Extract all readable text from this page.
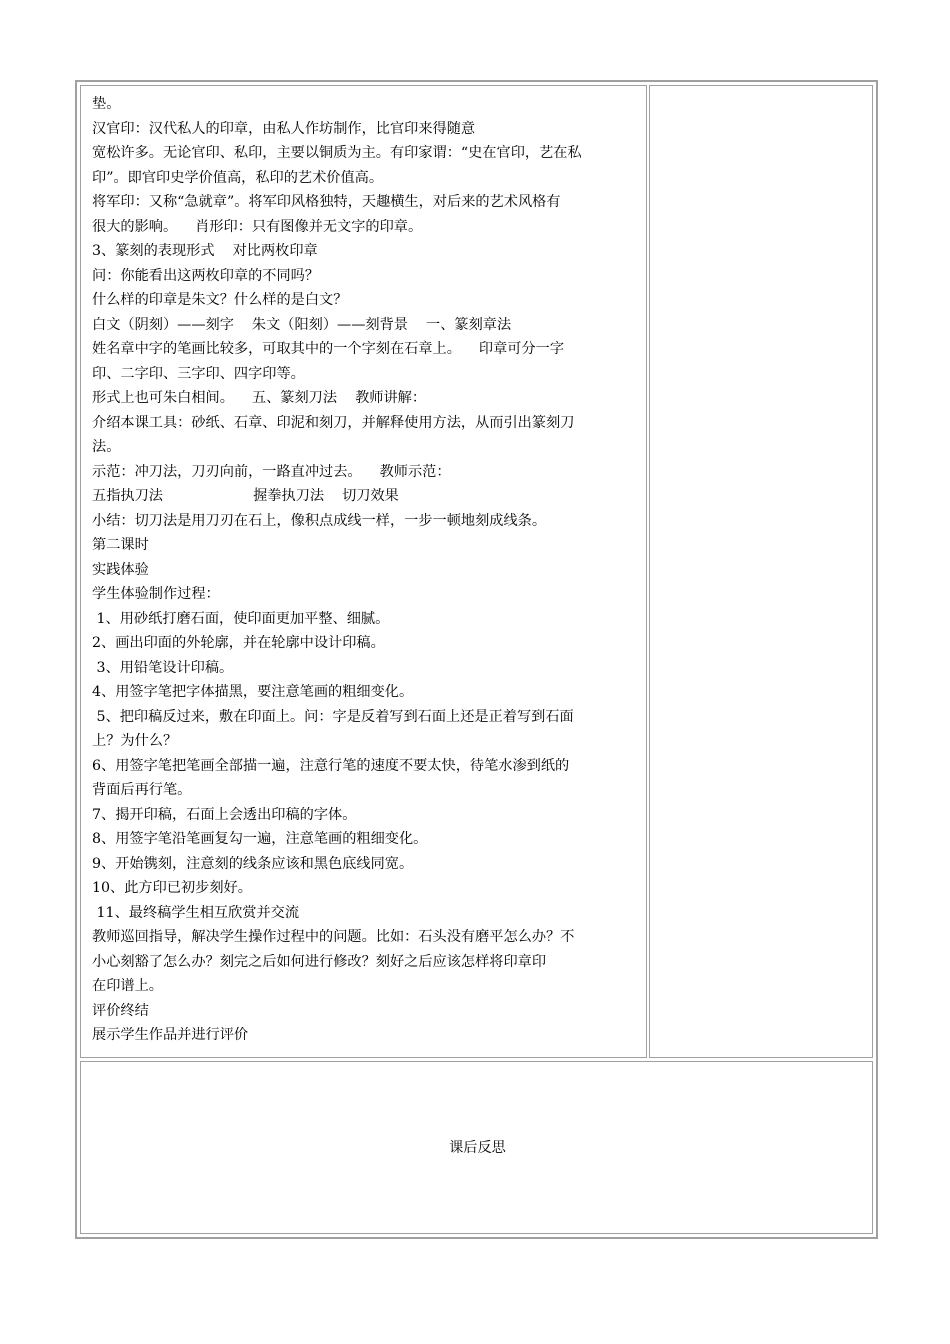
垫。

汉官印：汉代私人的印章，由私人作坊制作，比官印来得随意

宽松许多。无论官印、私印，主要以铜质为主。有印家谓：“史在官印，艺在私

印”。即官印史学价值高，私印的艺术价值高。

将军印：又称“急就章”。将军印风格独特，天趣横生，对后来的艺术风格有

很大的影响。    肖形印：只有图像并无文字的印章。

3、篆刻的表现形式    对比两枚印章

问：你能看出这两枚印章的不同吗？

什么样的印章是朱文？什么样的是白文？

白文（阴刻）——刻字    朱文（阳刻）——刻背景    一、篆刻章法

姓名章中字的笔画比较多，可取其中的一个字刻在石章上。    印章可分一字

印、二字印、三字印、四字印等。

形式上也可朱白相间。    五、篆刻刀法    教师讲解：

介绍本课工具：砂纸、石章、印泥和刻刀，并解释使用方法，从而引出篆刻刀

法。

示范：冲刀法，刀刃向前，一路直冲过去。    教师示范：

五指执刀法                    握拳执刀法    切刀效果

小结：切刀法是用刀刃在石上，像积点成线一样，一步一顿地刻成线条。

第二课时

实践体验

学生体验制作过程：

1、用砂纸打磨石面，使印面更加平整、细腻。

2、画出印面的外轮廓，并在轮廓中设计印稿。

3、用铅笔设计印稿。

4、用签字笔把字体描黑，要注意笔画的粗细变化。

5、把印稿反过来，敷在印面上。问：字是反着写到石面上还是正着写到石面

上？为什么？

6、用签字笔把笔画全部描一遍，注意行笔的速度不要太快，待笔水渗到纸的

背面后再行笔。

7、揭开印稿，石面上会透出印稿的字体。

8、用签字笔沿笔画复勾一遍，注意笔画的粗细变化。

9、开始镌刻，注意刻的线条应该和黑色底线同宽。

10、此方印已初步刻好。

11、最终稿学生相互欣赏并交流

教师巡回指导，解决学生操作过程中的问题。比如：石头没有磨平怎么办？不

小心刻豁了怎么办？刻完之后如何进行修改？刻好之后应该怎样将印章印

在印谱上。

评价终结

展示学生作品并进行评价

课后反思
